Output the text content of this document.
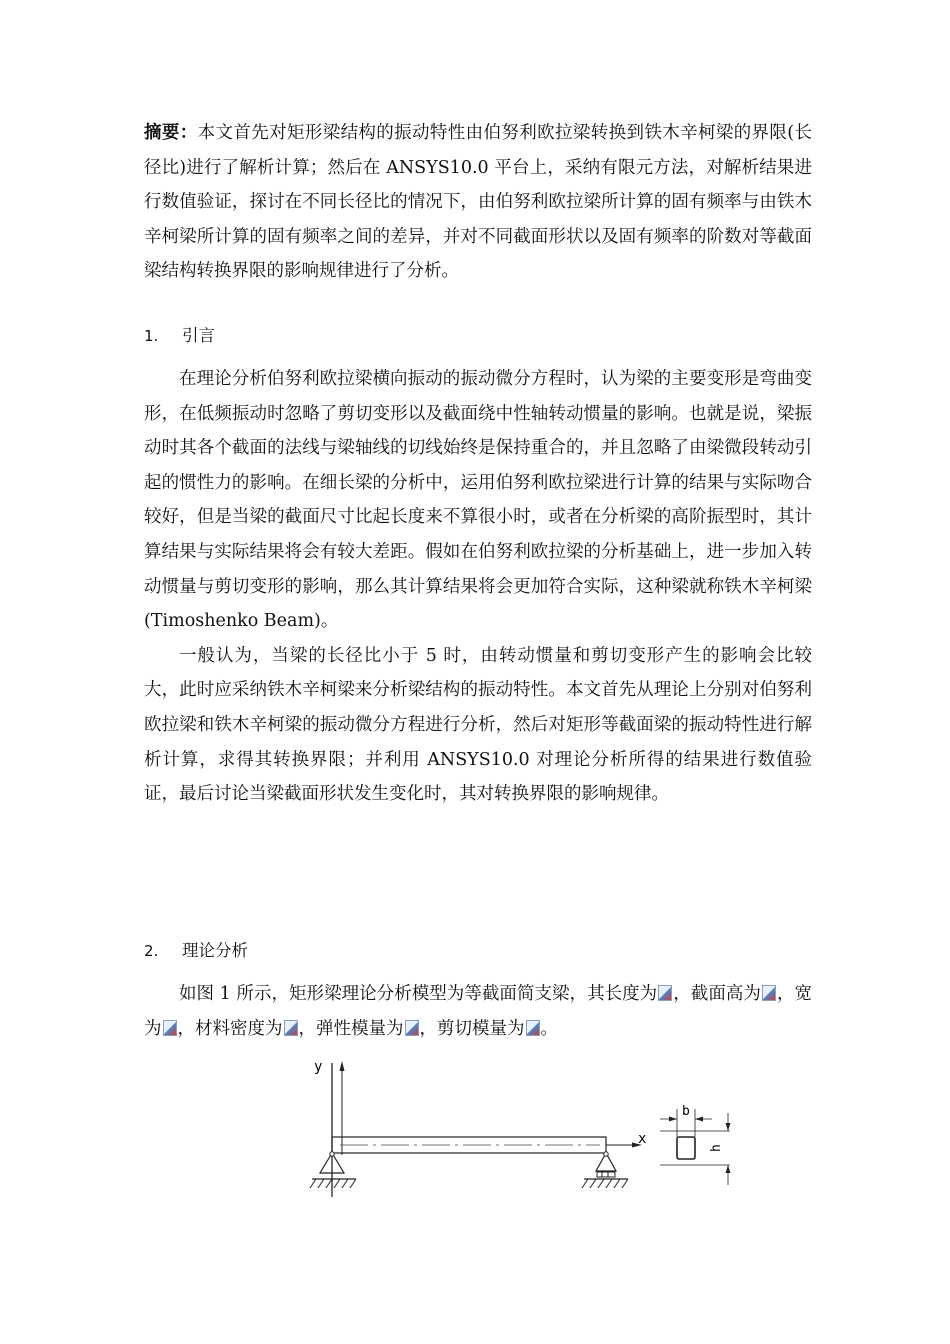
摘要：本文首先对矩形梁结构的振动特性由伯努利欧拉梁转换到铁木辛柯梁的界限(长径比)进行了解析计算；然后在 ANSYS10.0 平台上，采纳有限元方法，对解析结果进行数值验证，探讨在不同长径比的情况下，由伯努利欧拉梁所计算的固有频率与由铁木辛柯梁所计算的固有频率之间的差异，并对不同截面形状以及固有频率的阶数对等截面梁结构转换界限的影响规律进行了分析。

1. 引言

在理论分析伯努利欧拉梁横向振动的振动微分方程时，认为梁的主要变形是弯曲变形，在低频振动时忽略了剪切变形以及截面绕中性轴转动惯量的影响。也就是说，梁振动时其各个截面的法线与梁轴线的切线始终是保持重合的，并且忽略了由梁微段转动引起的惯性力的影响。在细长梁的分析中，运用伯努利欧拉梁进行计算的结果与实际吻合较好，但是当梁的截面尺寸比起长度来不算很小时，或者在分析梁的高阶振型时，其计算结果与实际结果将会有较大差距。假如在伯努利欧拉梁的分析基础上，进一步加入转动惯量与剪切变形的影响，那么其计算结果将会更加符合实际，这种梁就称铁木辛柯梁(Timoshenko Beam)。

一般认为，当梁的长径比小于 5 时，由转动惯量和剪切变形产生的影响会比较大，此时应采纳铁木辛柯梁来分析梁结构的振动特性。本文首先从理论上分别对伯努利欧拉梁和铁木辛柯梁的振动微分方程进行分析，然后对矩形等截面梁的振动特性进行解析计算，求得其转换界限；并利用 ANSYS10.0 对理论分析所得的结果进行数值验证，最后讨论当梁截面形状发生变化时，其对转换界限的影响规律。

2. 理论分析

如图 1 所示，矩形梁理论分析模型为等截面简支梁，其长度为 ，截面高为 ，宽为 ，材料密度为 ，弹性模量为 ，剪切模量为 。

y
x
b
h
